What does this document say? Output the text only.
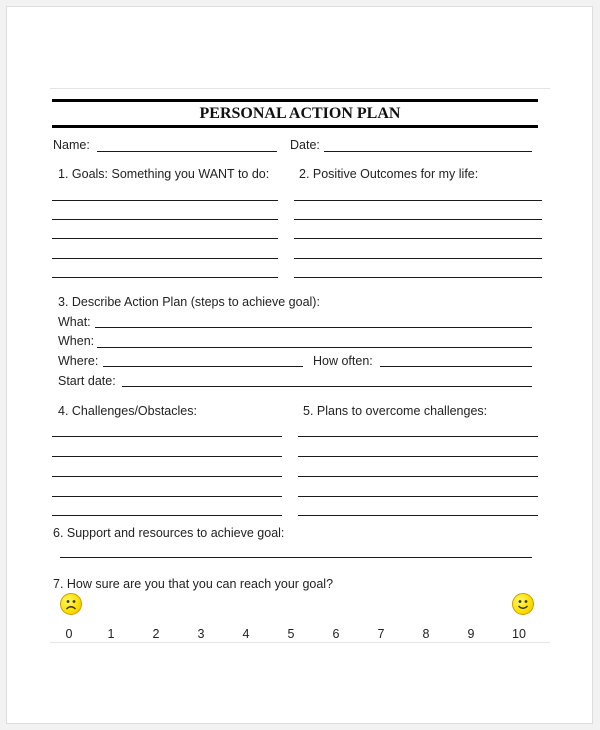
PERSONAL ACTION PLAN
Name:	Date:
1. Goals: Something you WANT to do: 2. Positive Outcomes for my life:
3. Describe Action Plan (steps to achieve goal):
What:
When:
Where:	How often:
Start date:
4. Challenges/Obstacles:	5. Plans to overcome challenges:
6. Support and resources to achieve goal:
7. How sure are you that you can reach your goal?
0	1	2	3	4	5	6	7	8	9	10
